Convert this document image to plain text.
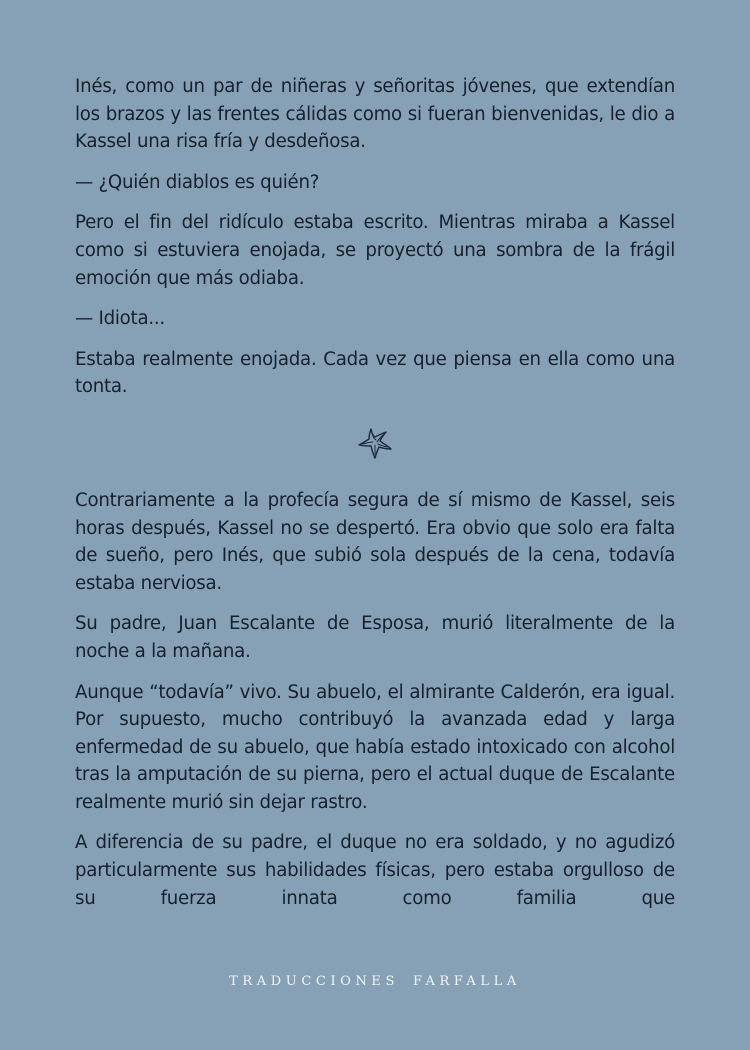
Inés, como un par de niñeras y señoritas jóvenes, que extendían los brazos y las frentes cálidas como si fueran bienvenidas, le dio a Kassel una risa fría y desdeñosa.

— ¿Quién diablos es quién?

Pero el fin del ridículo estaba escrito. Mientras miraba a Kassel como si estuviera enojada, se proyectó una sombra de la frágil emoción que más odiaba.

— Idiota...

Estaba realmente enojada. Cada vez que piensa en ella como una tonta.

Contrariamente a la profecía segura de sí mismo de Kassel, seis horas después, Kassel no se despertó. Era obvio que solo era falta de sueño, pero Inés, que subió sola después de la cena, todavía estaba nerviosa.

Su padre, Juan Escalante de Esposa, murió literalmente de la noche a la mañana.

Aunque “todavía” vivo. Su abuelo, el almirante Calderón, era igual. Por supuesto, mucho contribuyó la avanzada edad y larga enfermedad de su abuelo, que había estado intoxicado con alcohol tras la amputación de su pierna, pero el actual duque de Escalante realmente murió sin dejar rastro.

A diferencia de su padre, el duque no era soldado, y no agudizó particularmente sus habilidades físicas, pero estaba orgulloso de su fuerza innata como familia que

TRADUCCIONES FARFALLA
